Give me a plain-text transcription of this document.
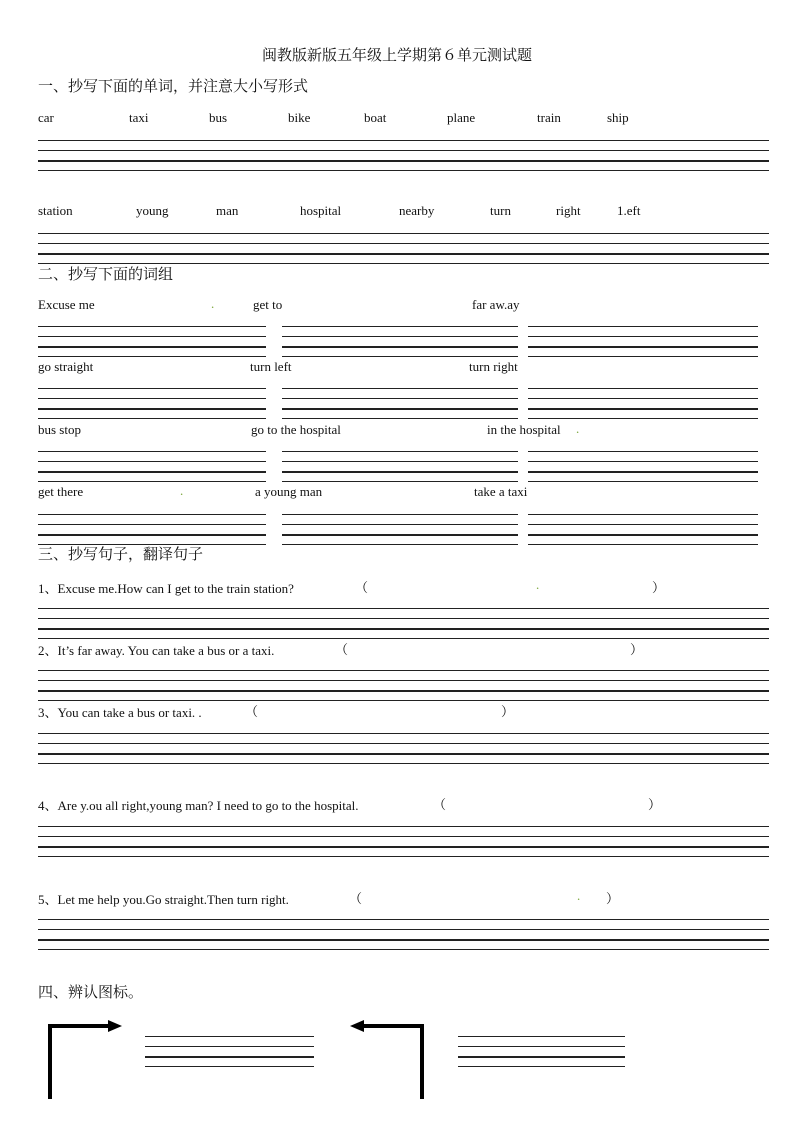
闽教版新版五年级上学期第６单元测试题
一、抄写下面的单词，并注意大小写形式
car	taxi	bus	bike	boat	plane	train	ship
station	young	man	hospital	nearby	turn	right	1.eft
二、抄写下面的词组
Excuse me	.	get to	far aw.ay
go straight	turn left	turn right
bus stop	go to the hospital	in the hospital .
get there	.	a young man	take a taxi
三、抄写句子，翻译句子
1、Excuse me.How can I get to the train station?	（	.	）
2、It’s far away. You can take a bus or a taxi.	（	）
3、You can take a bus or taxi. .	（	）
4、Are y.ou all right,young man? I need to go to the hospital.	（	）
5、Let me help you.Go straight.Then turn right.	（	. ）
四、辨认图标。
